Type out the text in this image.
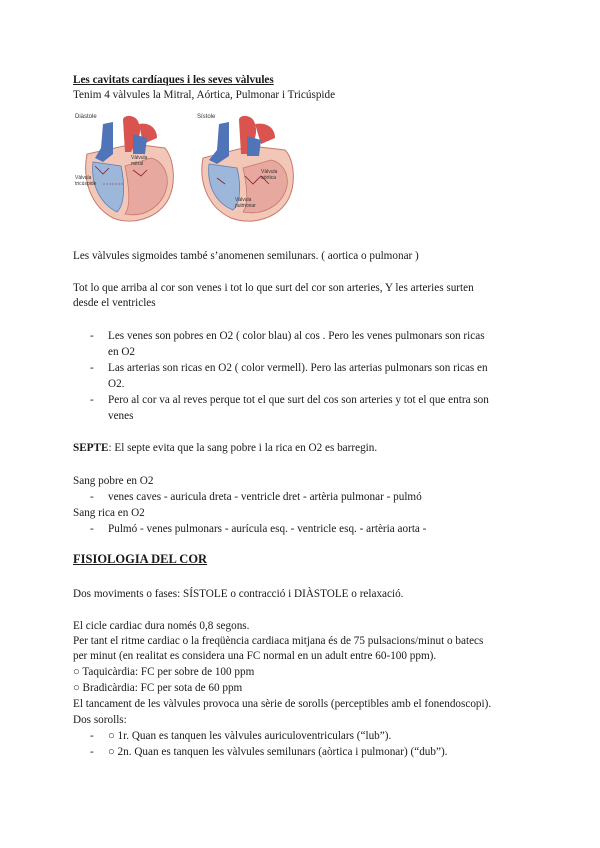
Les cavitats cardíaques i les seves vàlvules
Tenim 4 vàlvules la Mitral, Aórtica, Pulmonar i Tricúspide
Diàstole
Vàlvula
mitral
Vàlvula
tricúspide
Sístole
Vàlvula
aòrtica
Vàlvula
pulmonar
Les vàlvules sigmoides també s’anomenen semilunars. ( aortica o pulmonar )
Tot lo que arriba al cor son venes i tot lo que surt del cor son arteries, Y les arteries surten
desde el ventricles
- Les venes son pobres en O2 ( color blau) al cos . Pero les venes pulmonars son ricas
en O2
- Las arterias son ricas en O2 ( color vermell). Pero las arterias pulmonars son ricas en
O2.
- Pero al cor va al reves perque tot el que surt del cos son arteries y tot el que entra son
venes
SEPTE: El septe evita que la sang pobre i la rica en O2 es barregin.
Sang pobre en O2
- venes caves - auricula dreta - ventricle dret - artèria pulmonar - pulmó
Sang rica en O2
- Pulmó - venes pulmonars - aurícula esq. - ventricle esq. - artèria aorta -
FISIOLOGIA DEL COR
Dos moviments o fases: SÍSTOLE o contracció i DIÀSTOLE o relaxació.
El cicle cardiac dura només 0,8 segons.
Per tant el ritme cardiac o la freqüència cardiaca mitjana és de 75 pulsacions/minut o batecs
per minut (en realitat es considera una FC normal en un adult entre 60-100 ppm).
○ Taquicàrdia: FC per sobre de 100 ppm
○ Bradicàrdia: FC per sota de 60 ppm
El tancament de les vàlvules provoca una sèrie de sorolls (perceptibles amb el fonendoscopi).
Dos sorolls:
- ○ 1r. Quan es tanquen les vàlvules auriculoventriculars (“lub”).
- ○ 2n. Quan es tanquen les vàlvules semilunars (aòrtica i pulmonar) (“dub”).
